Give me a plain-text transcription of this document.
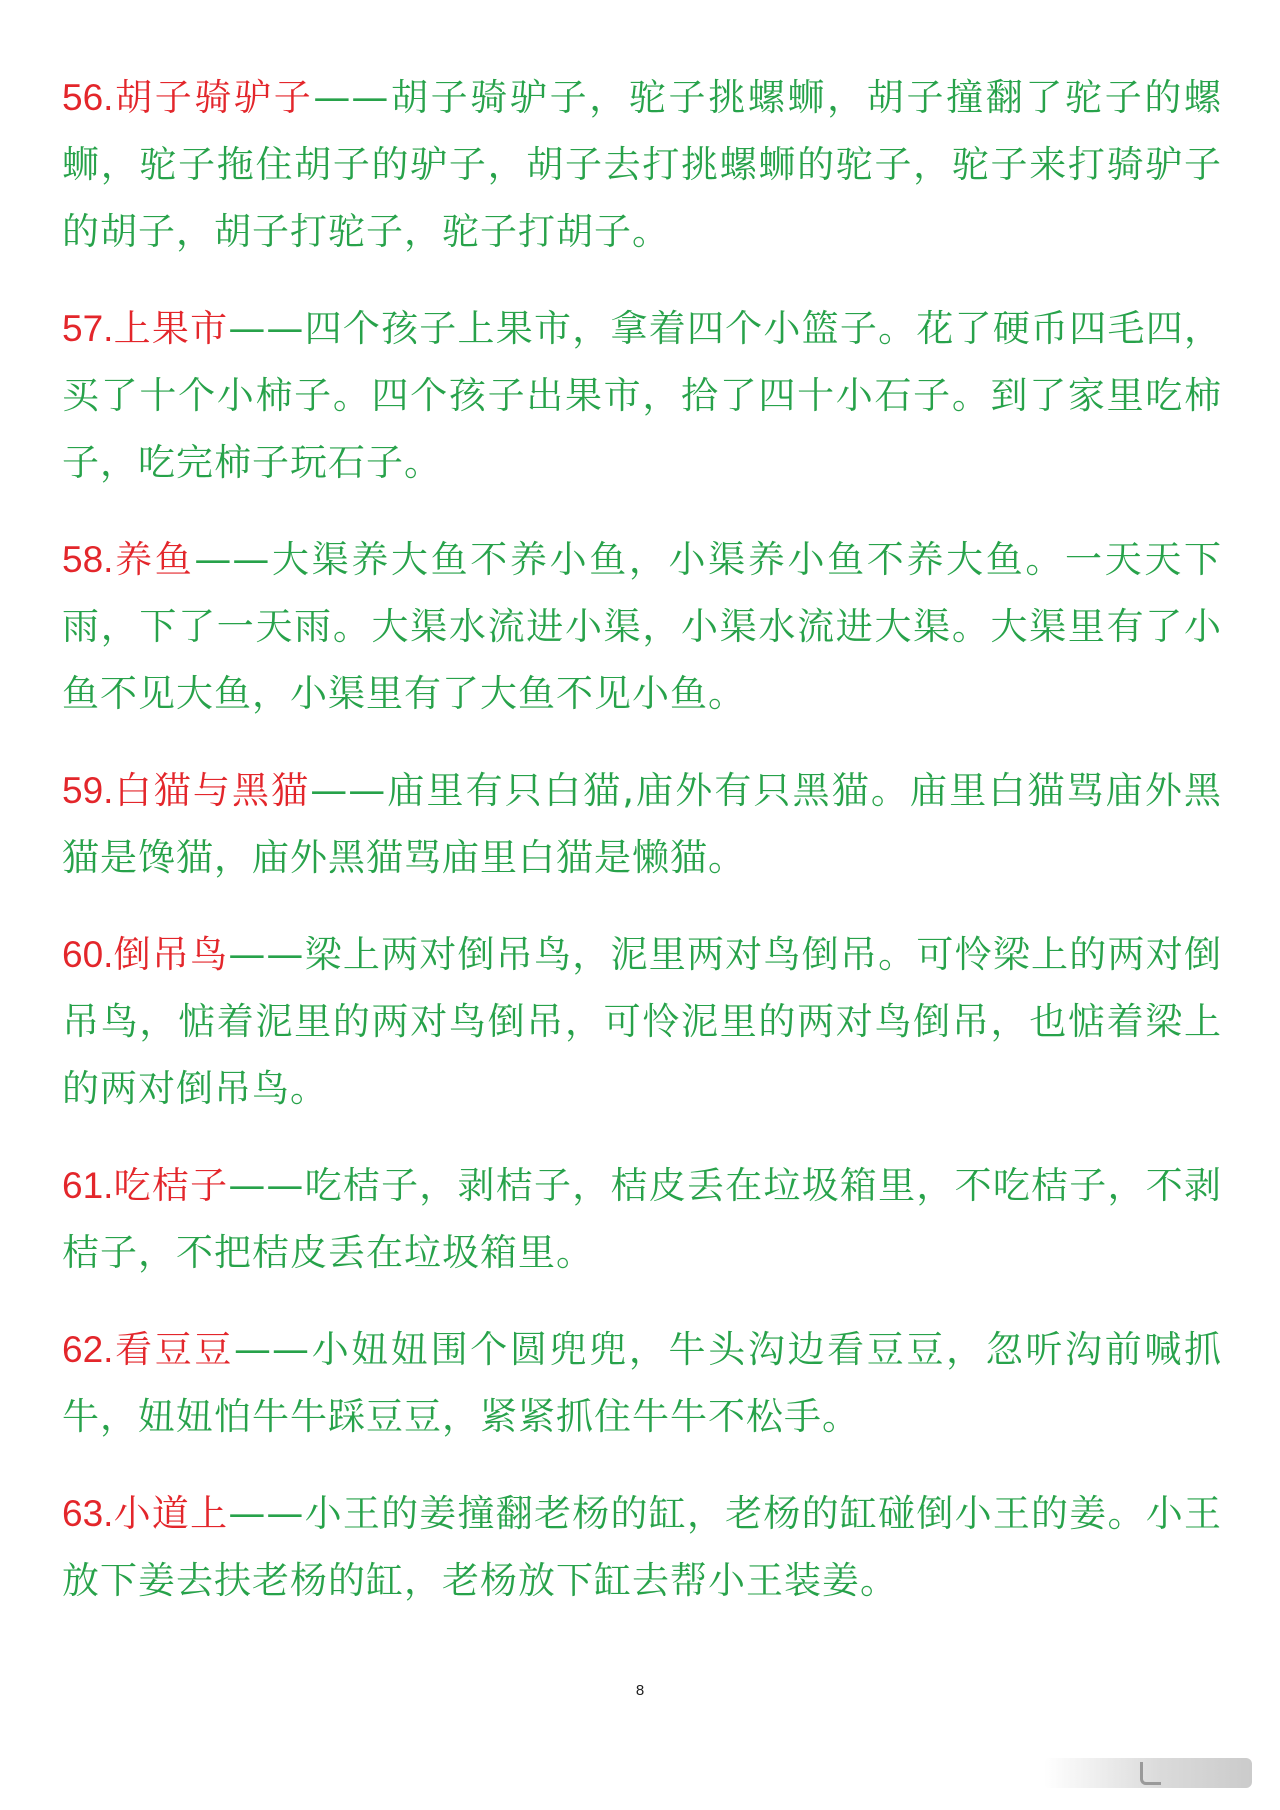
56.胡子骑驴子——胡子骑驴子，驼子挑螺蛳，胡子撞翻了驼子的螺蛳，驼子拖住胡子的驴子，胡子去打挑螺蛳的驼子，驼子来打骑驴子的胡子，胡子打驼子，驼子打胡子。

57.上果市——四个孩子上果市，拿着四个小篮子。花了硬币四毛四，买了十个小柿子。四个孩子出果市，拾了四十小石子。到了家里吃柿子，吃完柿子玩石子。

58.养鱼——大渠养大鱼不养小鱼，小渠养小鱼不养大鱼。一天天下雨，下了一天雨。大渠水流进小渠，小渠水流进大渠。大渠里有了小鱼不见大鱼，小渠里有了大鱼不见小鱼。

59.白猫与黑猫——庙里有只白猫,庙外有只黑猫。庙里白猫骂庙外黑猫是馋猫，庙外黑猫骂庙里白猫是懒猫。

60.倒吊鸟——梁上两对倒吊鸟，泥里两对鸟倒吊。可怜梁上的两对倒吊鸟，惦着泥里的两对鸟倒吊，可怜泥里的两对鸟倒吊，也惦着梁上的两对倒吊鸟。

61.吃桔子——吃桔子，剥桔子，桔皮丢在垃圾箱里，不吃桔子，不剥桔子，不把桔皮丢在垃圾箱里。

62.看豆豆——小妞妞围个圆兜兜，牛头沟边看豆豆，忽听沟前喊抓牛，妞妞怕牛牛踩豆豆，紧紧抓住牛牛不松手。

63.小道上——小王的姜撞翻老杨的缸，老杨的缸碰倒小王的姜。小王放下姜去扶老杨的缸，老杨放下缸去帮小王装姜。

8
